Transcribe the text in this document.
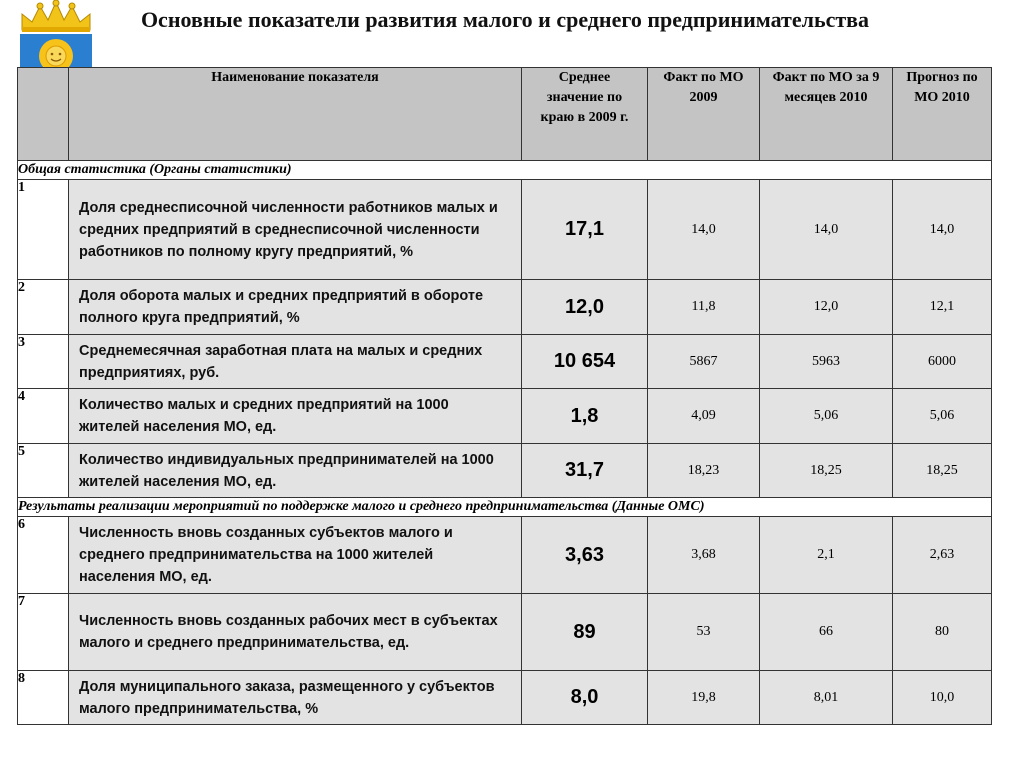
Основные показатели развития малого и среднего предпринимательства
	Наименование показателя	Среднее значение по краю в 2009 г.	Факт по МО 2009	Факт по МО за 9 месяцев 2010	Прогноз по МО 2010
Общая статистика (Органы статистики)					
1	Доля среднесписочной численности работников малых и средних предприятий в среднесписочной численности работников по полному кругу предприятий, %	17,1	14,0	14,0	14,0
2	Доля оборота малых и средних предприятий в обороте полного круга предприятий, %	12,0	11,8	12,0	12,1
3	Среднемесячная заработная плата на малых и средних предприятиях, руб.	10 654	5867	5963	6000
4	Количество малых и средних предприятий на 1000 жителей населения МО, ед.	1,8	4,09	5,06	5,06
5	Количество индивидуальных предпринимателей на 1000 жителей населения МО, ед.	31,7	18,23	18,25	18,25
Результаты реализации мероприятий по поддержке малого и среднего предпринимательства (Данные ОМС)					
6	Численность вновь созданных субъектов малого и среднего предпринимательства на 1000 жителей населения МО, ед.	3,63	3,68	2,1	2,63
7	Численность вновь созданных рабочих мест в субъектах малого и среднего предпринимательства, ед.	89	53	66	80
8	Доля муниципального заказа, размещенного у субъектов малого предпринимательства, %	8,0	19,8	8,01	10,0
